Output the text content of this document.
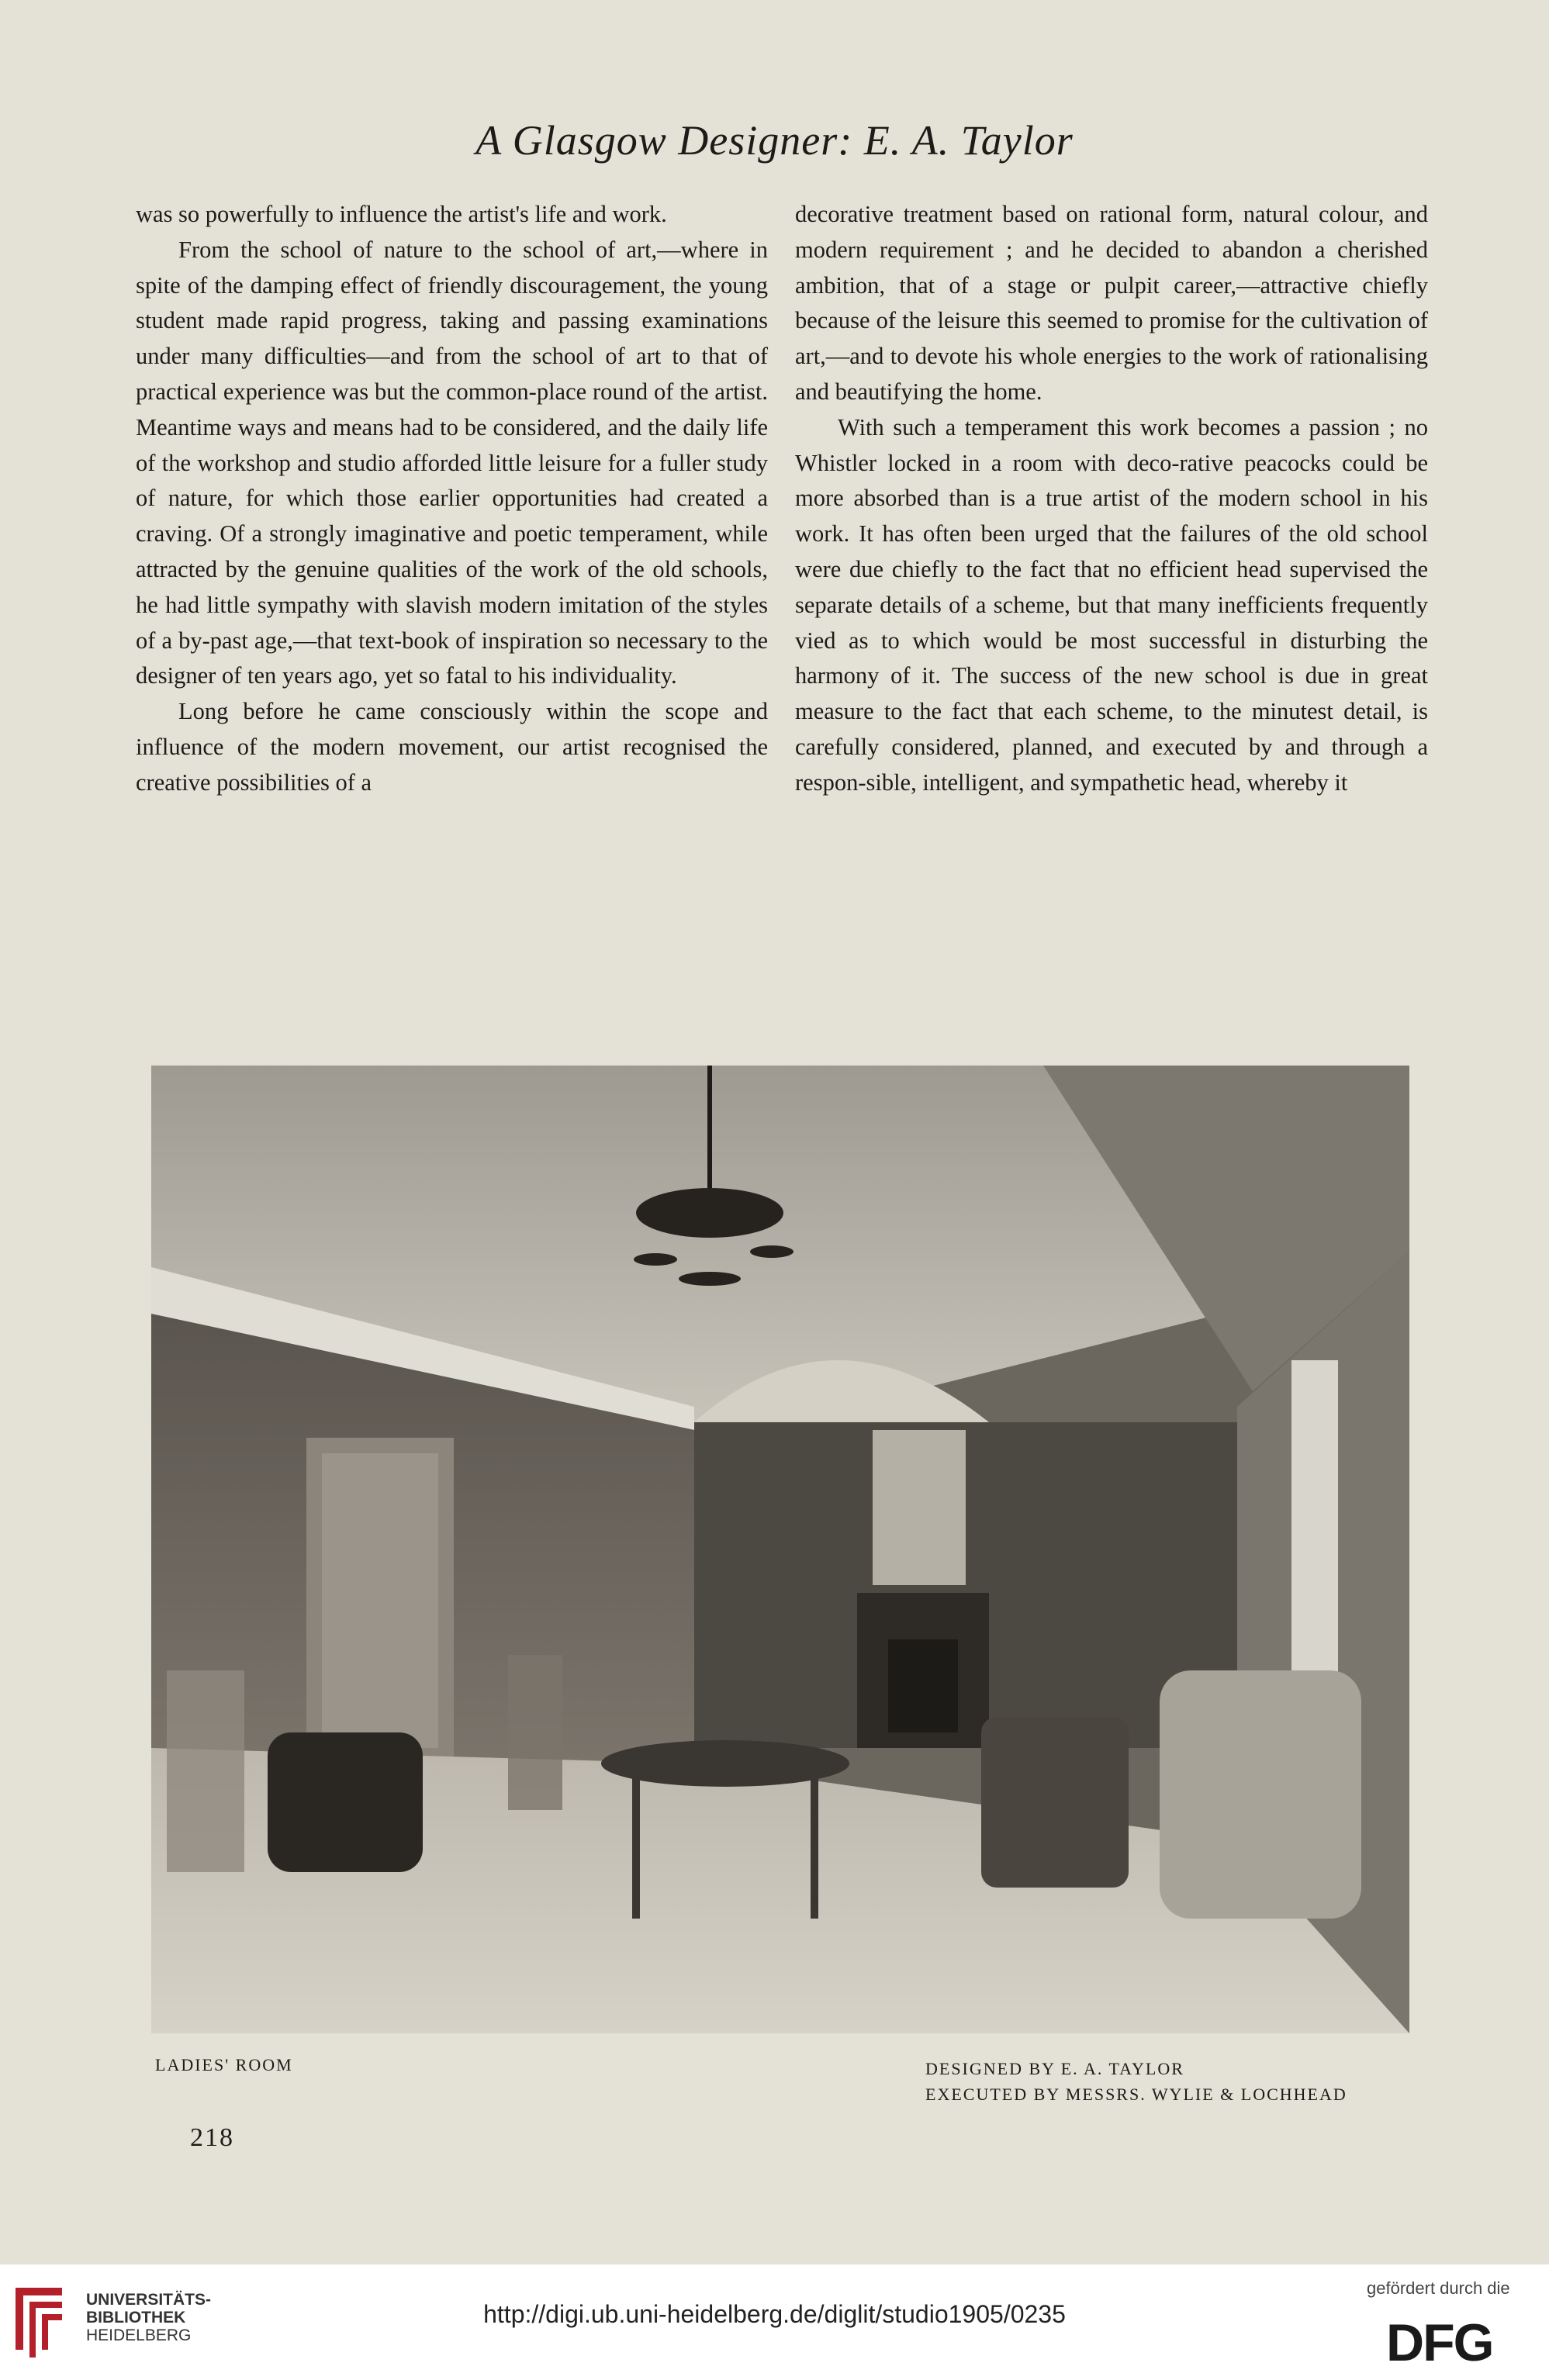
A Glasgow Designer: E. A. Taylor

was so powerfully to influence the artist's life and work.

From the school of nature to the school of art,—where in spite of the damping effect of friendly discouragement, the young student made rapid progress, taking and passing examinations under many difficulties—and from the school of art to that of practical experience was but the common-place round of the artist. Meantime ways and means had to be considered, and the daily life of the workshop and studio afforded little leisure for a fuller study of nature, for which those earlier opportunities had created a craving. Of a strongly imaginative and poetic temperament, while attracted by the genuine qualities of the work of the old schools, he had little sympathy with slavish modern imitation of the styles of a by-past age,—that text-book of inspiration so necessary to the designer of ten years ago, yet so fatal to his individuality.

Long before he came consciously within the scope and influence of the modern movement, our artist recognised the creative possibilities of a

decorative treatment based on rational form, natural colour, and modern requirement ; and he decided to abandon a cherished ambition, that of a stage or pulpit career,—attractive chiefly because of the leisure this seemed to promise for the cultivation of art,—and to devote his whole energies to the work of rationalising and beautifying the home.

With such a temperament this work becomes a passion ; no Whistler locked in a room with deco-rative peacocks could be more absorbed than is a true artist of the modern school in his work. It has often been urged that the failures of the old school were due chiefly to the fact that no efficient head supervised the separate details of a scheme, but that many inefficients frequently vied as to which would be most successful in disturbing the harmony of it. The success of the new school is due in great measure to the fact that each scheme, to the minutest detail, is carefully considered, planned, and executed by and through a respon-sible, intelligent, and sympathetic head, whereby it

LADIES' ROOM	DESIGNED BY E. A. TAYLOR
EXECUTED BY MESSRS. WYLIE & LOCHHEAD
218
UNIVERSITÄTS-
BIBLIOTHEK
HEIDELBERG
http://digi.ub.uni-heidelberg.de/diglit/studio1905/0235
gefördert durch die
DFG
